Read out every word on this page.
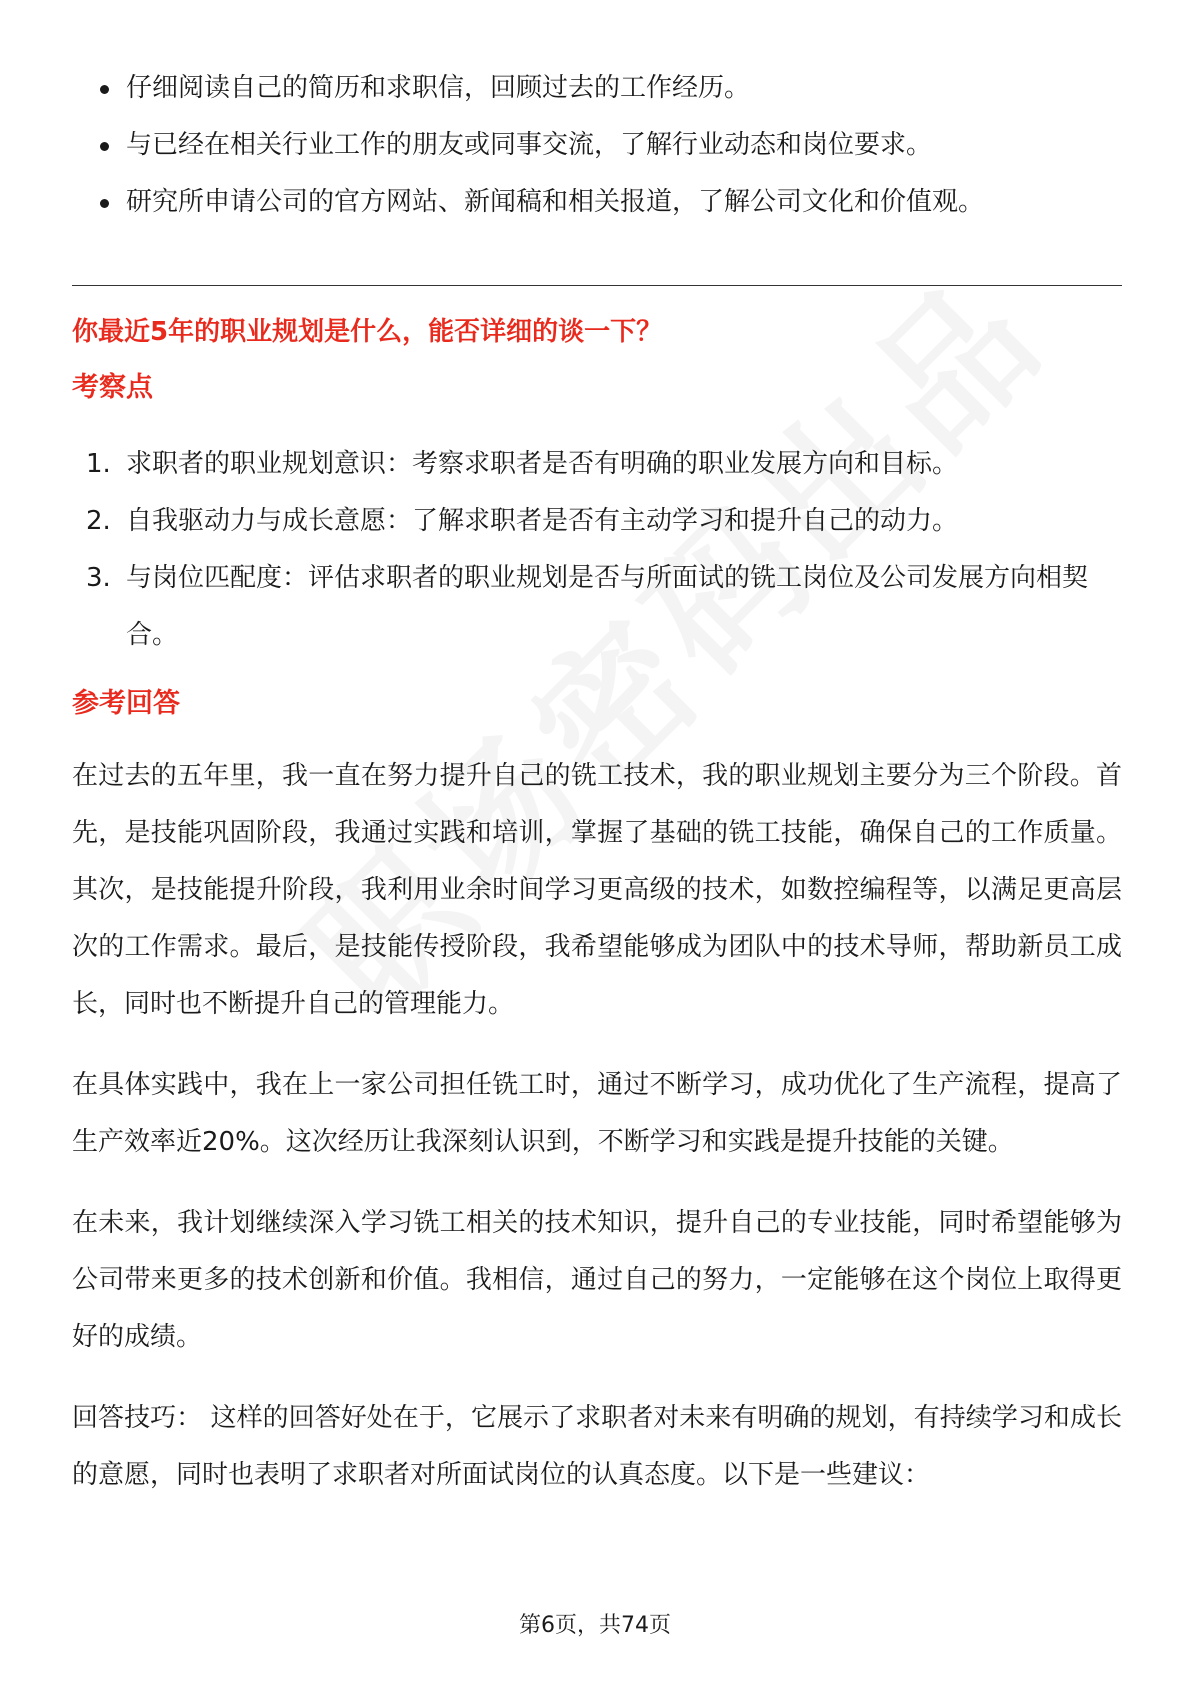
仔细阅读自己的简历和求职信，回顾过去的工作经历。
与已经在相关行业工作的朋友或同事交流，了解行业动态和岗位要求。
研究所申请公司的官方网站、新闻稿和相关报道，了解公司文化和价值观。
你最近5年的职业规划是什么，能否详细的谈一下？
考察点
1. 求职者的职业规划意识：考察求职者是否有明确的职业发展方向和目标。
2. 自我驱动力与成长意愿：了解求职者是否有主动学习和提升自己的动力。
3. 与岗位匹配度：评估求职者的职业规划是否与所面试的铣工岗位及公司发展方向相契合。
参考回答

在过去的五年里，我一直在努力提升自己的铣工技术，我的职业规划主要分为三个阶段。首先，是技能巩固阶段，我通过实践和培训，掌握了基础的铣工技能，确保自己的工作质量。其次，是技能提升阶段，我利用业余时间学习更高级的技术，如数控编程等，以满足更高层次的工作需求。最后，是技能传授阶段，我希望能够成为团队中的技术导师，帮助新员工成长，同时也不断提升自己的管理能力。

在具体实践中，我在上一家公司担任铣工时，通过不断学习，成功优化了生产流程，提高了生产效率近20%。这次经历让我深刻认识到，不断学习和实践是提升技能的关键。

在未来，我计划继续深入学习铣工相关的技术知识，提升自己的专业技能，同时希望能够为公司带来更多的技术创新和价值。我相信，通过自己的努力，一定能够在这个岗位上取得更好的成绩。

回答技巧： 这样的回答好处在于，它展示了求职者对未来有明确的规划，有持续学习和成长的意愿，同时也表明了求职者对所面试岗位的认真态度。以下是一些建议：

第6页，共74页
